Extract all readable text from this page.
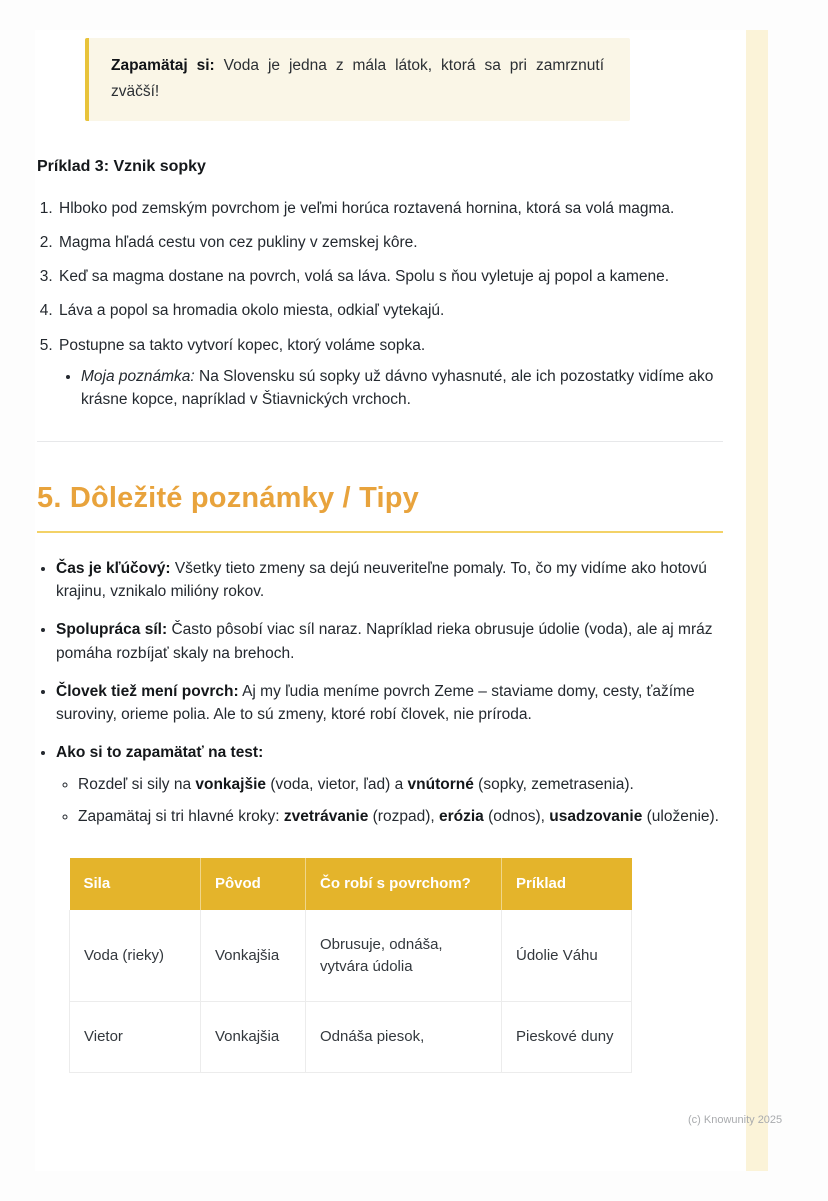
Zapamätaj si: Voda je jedna z mála látok, ktorá sa pri zamrznutí zväčší!

Príklad 3: Vznik sopky
1. Hlboko pod zemským povrchom je veľmi horúca roztavená hornina, ktorá sa volá magma.
2. Magma hľadá cestu von cez pukliny v zemskej kôre.
3. Keď sa magma dostane na povrch, volá sa láva. Spolu s ňou vyletuje aj popol a kamene.
4. Láva a popol sa hromadia okolo miesta, odkiaľ vytekajú.
5. Postupne sa takto vytvorí kopec, ktorý voláme sopka.
• Moja poznámka: Na Slovensku sú sopky už dávno vyhasnuté, ale ich pozostatky vidíme ako krásne kopce, napríklad v Štiavnických vrchoch.
5. Dôležité poznámky / Tipy
• Čas je kľúčový: Všetky tieto zmeny sa dejú neuveriteľne pomaly. To, čo my vidíme ako hotovú krajinu, vznikalo milióny rokov.
• Spolupráca síl: Často pôsobí viac síl naraz. Napríklad rieka obrusuje údolie (voda), ale aj mráz pomáha rozbíjať skaly na brehoch.
• Človek tiež mení povrch: Aj my ľudia meníme povrch Zeme – staviame domy, cesty, ťažíme suroviny, orieme polia. Ale to sú zmeny, ktoré robí človek, nie príroda.
• Ako si to zapamätať na test:
◦ Rozdeľ si sily na vonkajšie (voda, vietor, ľad) a vnútorné (sopky, zemetrasenia).
◦ Zapamätaj si tri hlavné kroky: zvetrávanie (rozpad), erózia (odnos), usadzovanie (uloženie).
Sila	Pôvod	Čo robí s povrchom?	Príklad
Voda (rieky)	Vonkajšia	Obrusuje, odnáša, vytvára údolia	Údolie Váhu
Vietor	Vonkajšia	Odnáša piesok,	Pieskové duny
(c) Knowunity 2025
